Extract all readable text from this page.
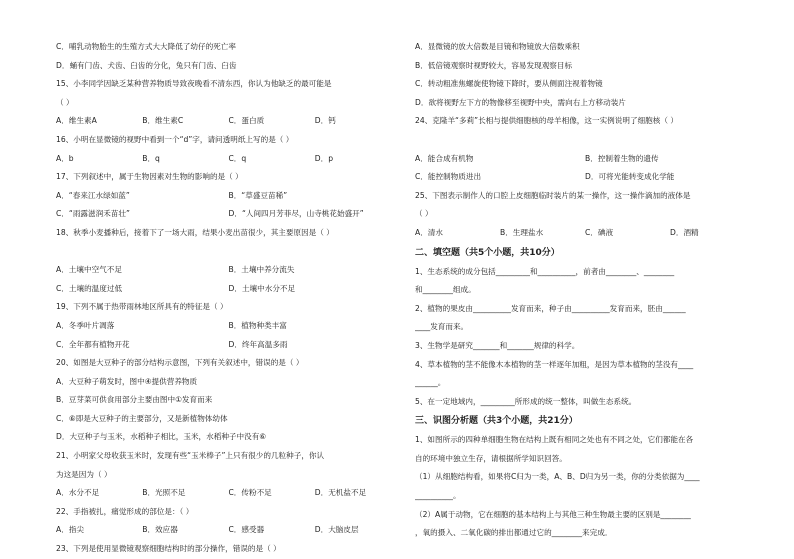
C．哺乳动物胎生的生殖方式大大降低了幼仔的死亡率
D．蛹有门齿、犬齿、臼齿的分化，兔只有门齿、臼齿
15、小李同学因缺乏某种营养物质导致夜晚看不清东西，你认为他缺乏的最可能是
（ ）
A．维生素A	B．维生素C	C．蛋白质	D．钙
16、小明在显微镜的视野中看到一个“d”字，请问透明纸上写的是（ ）
A．b	B．q	C．q	D．p
17、下列叙述中，属于生物因素对生物的影响的是（ ）
A．“春来江水绿如蓝”	B．“草盛豆苗稀”
C．“雨露滋润禾苗壮”	D．“人间四月芳菲尽，山寺桃花始盛开”
18、秋季小麦播种后，接着下了一场大雨，结果小麦出苗很少，其主要原因是（ ）
A．土壤中空气不足	B．土壤中养分流失
C．土壤的温度过低	D．土壤中水分不足
19、下列不属于热带雨林地区所具有的特征是（ ）
A．冬季叶片凋落	B．植物种类丰富
C．全年都有植物开花	D．终年高温多雨
20、如图是大豆种子的部分结构示意图，下列有关叙述中，错误的是（ ）
A．大豆种子萌发时，图中④提供营养物质
B．豆芽菜可供食用部分主要由图中①发育而来
C．⑥即是大豆种子的主要部分，又是新植物体幼体
D．大豆种子与玉米，水稻种子相比，玉米，水稻种子中没有⑥
21、小明家父母收获玉米时，发现有些“玉米棒子”上只有很少的几粒种子，你认
为这是因为（ ）
A．水分不足	B．光照不足	C．传粉不足	D．无机盐不足
22、手指被扎，痛觉形成的部位是：（ ）
A．指尖	B．效应器	C．感受器	D．大脑皮层
23、下列是使用显微镜观察细胞结构时的部分操作，错误的是（ ）
A．显微镜的放大倍数是目镜和物镜放大倍数乘积
B．低倍镜观察时视野较大，容易发现观察目标
C．转动粗准焦螺旋使物镜下降时，要从侧面注视着物镜
D．欲将视野左下方的物像移至视野中央，需向右上方移动装片
24、克隆羊“多莉”长相与提供细胞核的母羊相像，这一实例说明了细胞核（ ）
A．能合成有机物	B．控制着生物的遗传
C．能控制物质进出	D．可将光能转变成化学能
25、下图表示制作人的口腔上皮细胞临时装片的某一操作，这一操作滴加的液体是
（ ）
A．清水	B．生理盐水	C．碘液	D．酒精
二、填空题（共5个小题，共10分）
1、生态系统的成分包括_________和__________，前者由________、________
和________组成。
2、植物的果皮由__________发育而来，种子由__________发育而来，胚由______
____发育而来。
3、生物学是研究_______和_______规律的科学。
4、草本植物的茎不能像木本植物的茎一样逐年加粗，是因为草本植物的茎没有____
______。
5、在一定地域内，_________所形成的统一整体，叫做生态系统。
三、识图分析题（共3个小题，共21分）
1、如图所示的四种单细胞生物在结构上既有相同之处也有不同之处，它们都能在各
自的环境中独立生存，请根据所学知识回答。
（1）从细胞结构看，如果将C归为一类，A、B、D归为另一类，你的分类依据为____
__________。
（2）A属于动物，它在细胞的基本结构上与其他三种生物最主要的区别是________
，氧的摄入、二氧化碳的排出都通过它的________来完成．
